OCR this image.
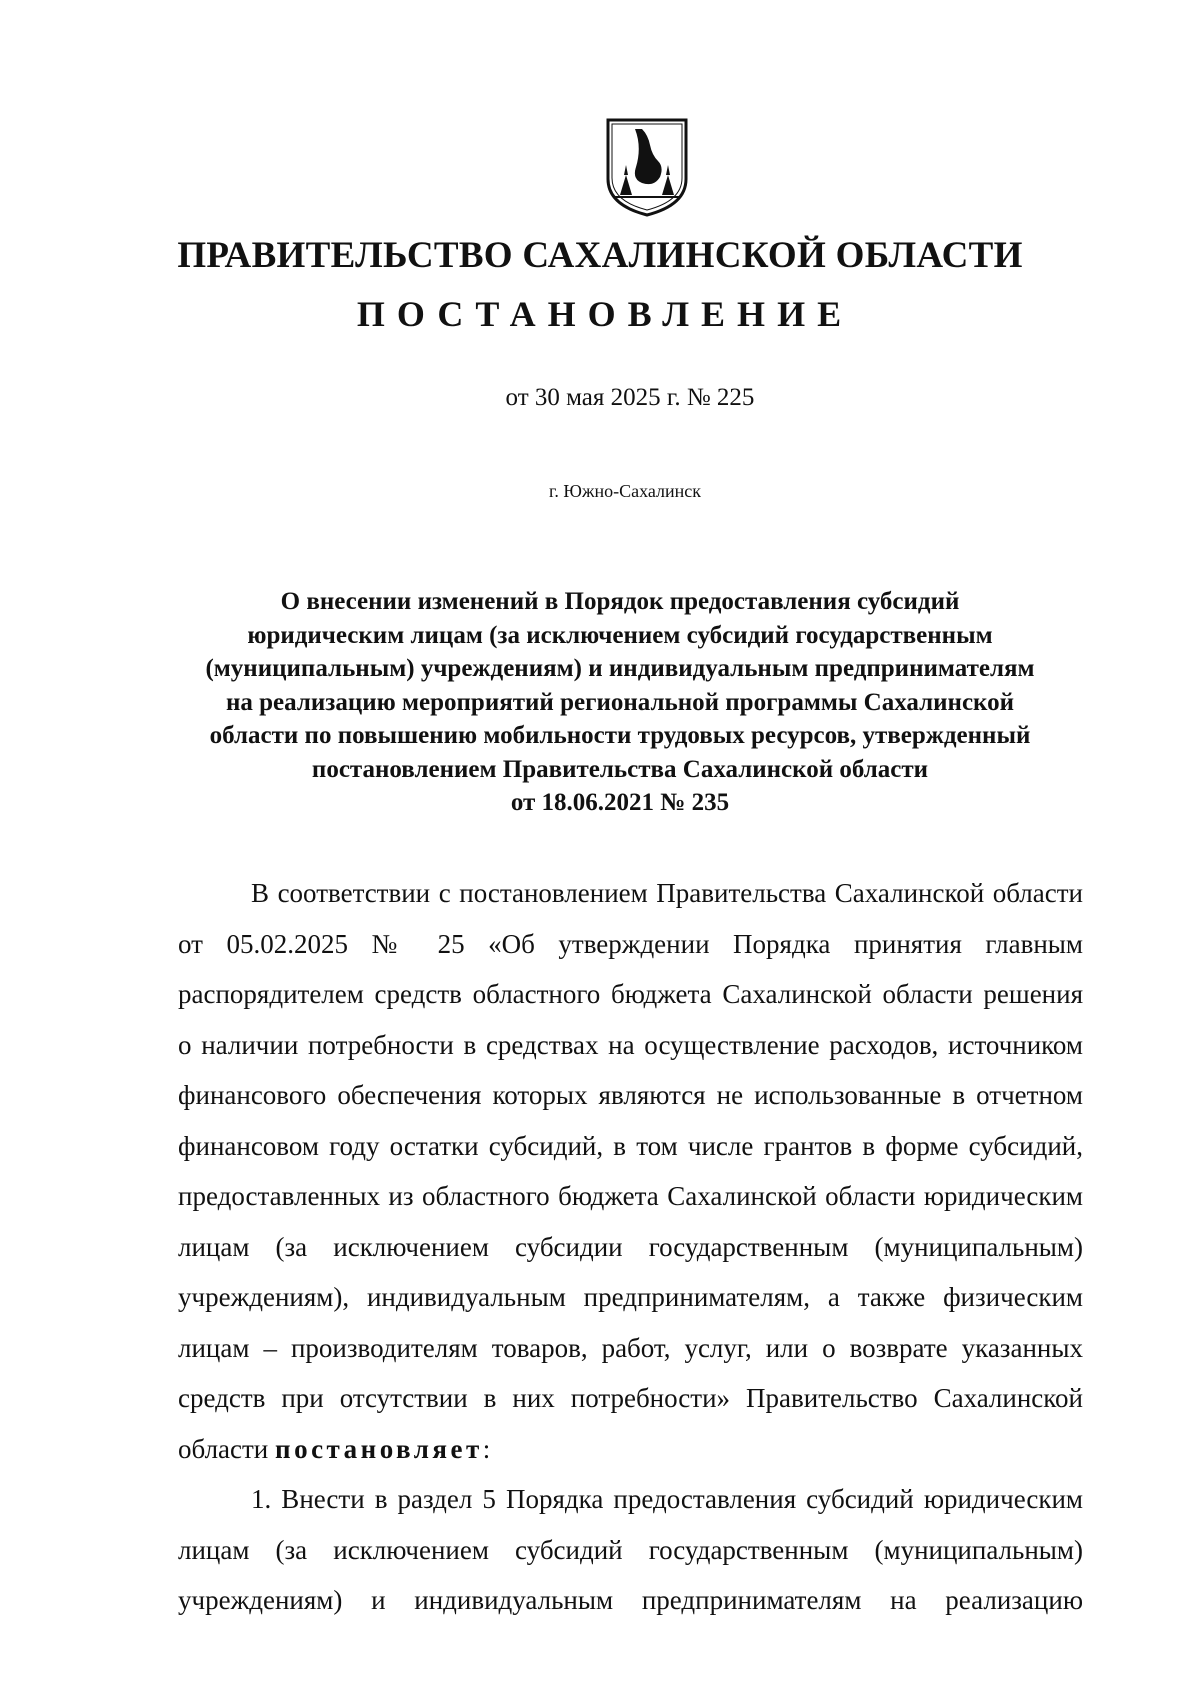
ПРАВИТЕЛЬСТВО САХАЛИНСКОЙ ОБЛАСТИ
ПОСТАНОВЛЕНИЕ
от 30 мая 2025 г. № 225
г. Южно-Сахалинск
О внесении изменений в Порядок предоставления субсидий
юридическим лицам (за исключением субсидий государственным
(муниципальным) учреждениям) и индивидуальным предпринимателям
на реализацию мероприятий региональной программы Сахалинской
области по повышению мобильности трудовых ресурсов, утвержденный
постановлением Правительства Сахалинской области
от 18.06.2021 № 235
В соответствии с постановлением Правительства Сахалинской области
от 05.02.2025 № 25 «Об утверждении Порядка принятия главным
распорядителем средств областного бюджета Сахалинской области решения
о наличии потребности в средствах на осуществление расходов, источником
финансового обеспечения которых являются не использованные в отчетном
финансовом году остатки субсидий, в том числе грантов в форме субсидий,
предоставленных из областного бюджета Сахалинской области юридическим
лицам (за исключением субсидии государственным (муниципальным)
учреждениям), индивидуальным предпринимателям, а также физическим
лицам – производителям товаров, работ, услуг, или о возврате указанных
средств при отсутствии в них потребности» Правительство Сахалинской
области постановляет:
1. Внести в раздел 5 Порядка предоставления субсидий юридическим
лицам (за исключением субсидий государственным (муниципальным)
учреждениям) и индивидуальным предпринимателям на реализацию
